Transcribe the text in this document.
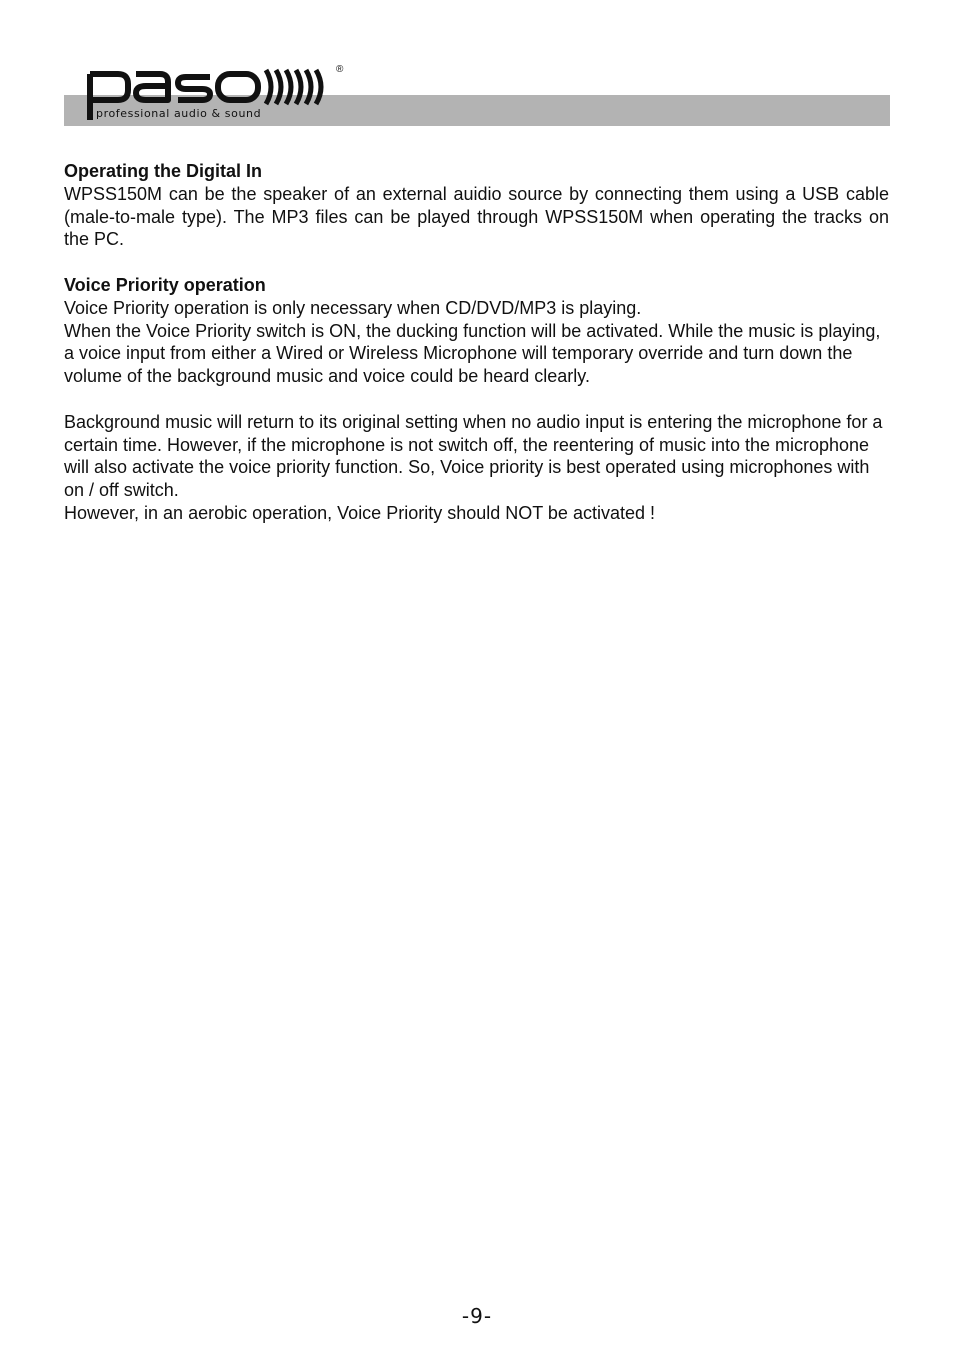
®
professional audio & sound

Operating the Digital In

WPSS150M can be the speaker of an external auidio source by connecting them using a USB cable (male-to-male type). The MP3 files can be played through WPSS150M when operating the tracks on the PC.

Voice Priority operation

Voice Priority operation is only necessary when CD/DVD/MP3 is playing.

When the Voice Priority switch is ON, the ducking function will be activated. While the music is playing, a voice input from either a Wired or Wireless Microphone will temporary override and turn down the volume of the background music and voice could be heard clearly.

Background music will return to its original setting when no audio input is entering the microphone for a certain time. However, if the microphone is not switch off, the reentering of music into the microphone will also activate the voice priority function. So, Voice priority is best operated using microphones with on / off switch.

However, in an aerobic operation, Voice Priority should NOT be activated !

-9-
